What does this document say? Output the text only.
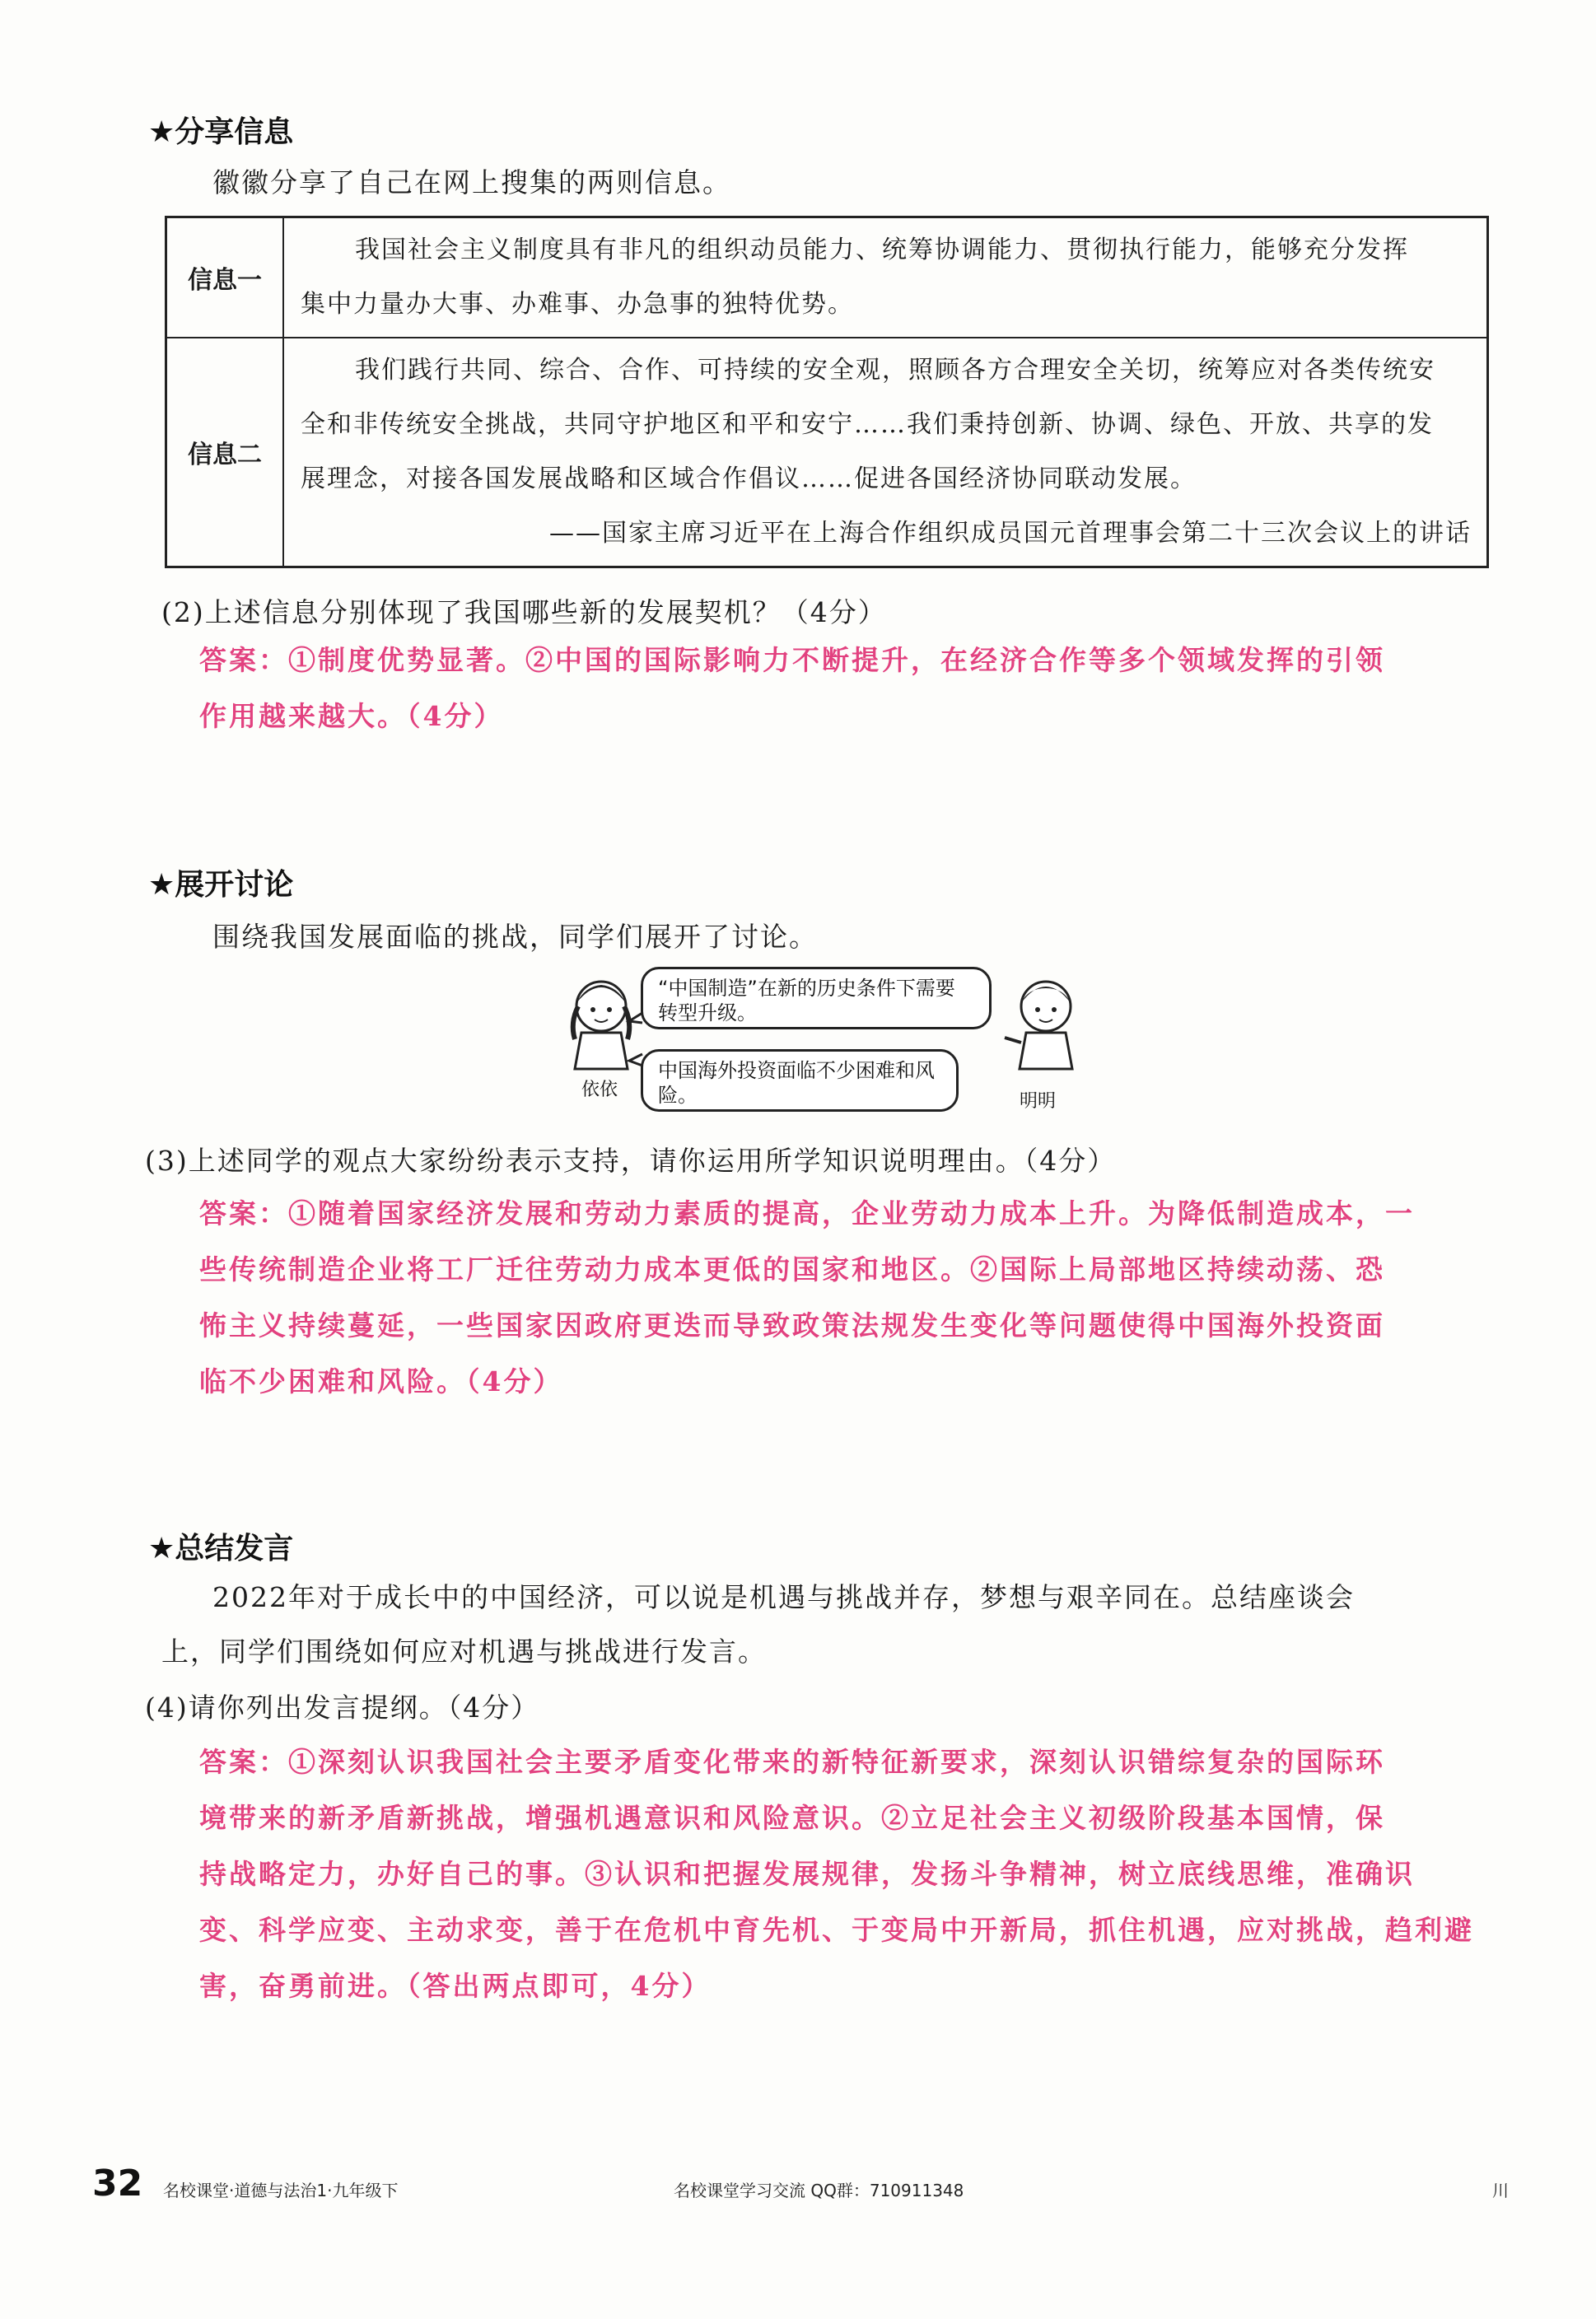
★分享信息
徽徽分享了自己在网上搜集的两则信息。
信息一	我国社会主义制度具有非凡的组织动员能力、统筹协调能力、贯彻执行能力，能够充分发挥
集中力量办大事、办难事、办急事的独特优势。

信息二	我们践行共同、综合、合作、可持续的安全观，照顾各方合理安全关切，统筹应对各类传统安
全和非传统安全挑战，共同守护地区和平和安宁……我们秉持创新、协调、绿色、开放、共享的发
展理念，对接各国发展战略和区域合作倡议……促进各国经济协同联动发展。
——国家主席习近平在上海合作组织成员国元首理事会第二十三次会议上的讲话
(2)上述信息分别体现了我国哪些新的发展契机？（4分）
答案：①制度优势显著。②中国的国际影响力不断提升，在经济合作等多个领域发挥的引领
作用越来越大。（4分）
★展开讨论
围绕我国发展面临的挑战，同学们展开了讨论。
“中国制造”在新的历史条件下需要转型升级。
中国海外投资面临不少困难和风险。
依依
明明
(3)上述同学的观点大家纷纷表示支持，请你运用所学知识说明理由。（4分）
答案：①随着国家经济发展和劳动力素质的提高，企业劳动力成本上升。为降低制造成本，一
些传统制造企业将工厂迁往劳动力成本更低的国家和地区。②国际上局部地区持续动荡、恐
怖主义持续蔓延，一些国家因政府更迭而导致政策法规发生变化等问题使得中国海外投资面
临不少困难和风险。（4分）
★总结发言
2022年对于成长中的中国经济，可以说是机遇与挑战并存，梦想与艰辛同在。总结座谈会
上，同学们围绕如何应对机遇与挑战进行发言。
(4)请你列出发言提纲。（4分）
答案：①深刻认识我国社会主要矛盾变化带来的新特征新要求，深刻认识错综复杂的国际环
境带来的新矛盾新挑战，增强机遇意识和风险意识。②立足社会主义初级阶段基本国情，保
持战略定力，办好自己的事。③认识和把握发展规律，发扬斗争精神，树立底线思维，准确识
变、科学应变、主动求变，善于在危机中育先机、于变局中开新局，抓住机遇，应对挑战，趋利避
害，奋勇前进。（答出两点即可，4分）
32 名校课堂·道德与法治1·九年级下	名校课堂学习交流 QQ群：710911348	川
